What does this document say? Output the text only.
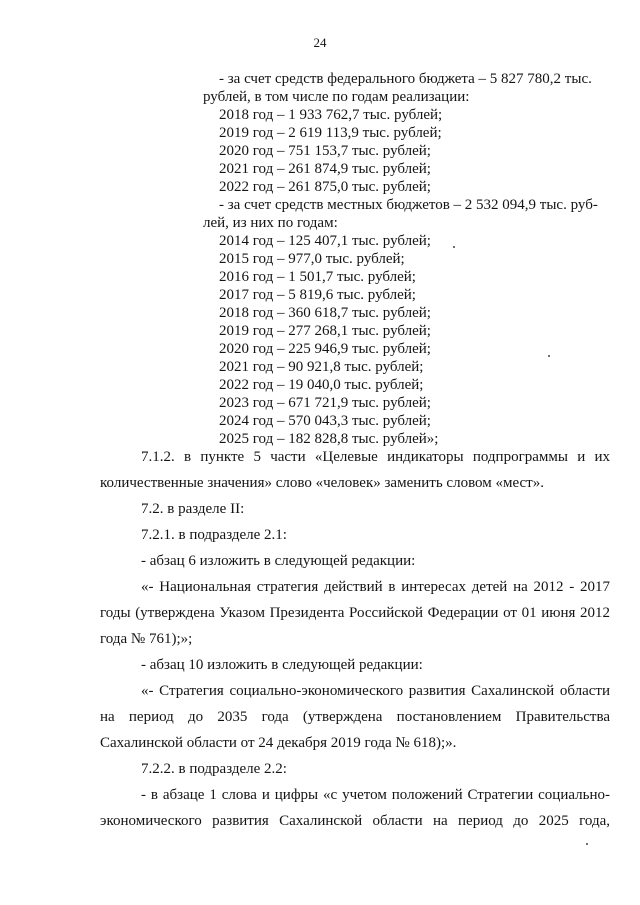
24
- за счет средств федерального бюджета – 5 827 780,2 тыс.
рублей, в том числе по годам реализации:
2018 год – 1 933 762,7 тыс. рублей;
2019 год – 2 619 113,9 тыс. рублей;
2020 год – 751 153,7 тыс. рублей;
2021 год – 261 874,9 тыс. рублей;
2022 год – 261 875,0 тыс. рублей;
- за счет средств местных бюджетов – 2 532 094,9 тыс. руб-
лей, из них по годам:
2014 год – 125 407,1 тыс. рублей;
2015 год – 977,0 тыс. рублей;
2016 год – 1 501,7 тыс. рублей;
2017 год – 5 819,6 тыс. рублей;
2018 год – 360 618,7 тыс. рублей;
2019 год – 277 268,1 тыс. рублей;
2020 год – 225 946,9 тыс. рублей;
2021 год – 90 921,8 тыс. рублей;
2022 год – 19 040,0 тыс. рублей;
2023 год – 671 721,9 тыс. рублей;
2024 год – 570 043,3 тыс. рублей;
2025 год – 182 828,8 тыс. рублей»;
7.1.2. в пункте 5 части «Целевые индикаторы подпрограммы и их
количественные значения» слово «человек» заменить словом «мест».
7.2. в разделе II:
7.2.1. в подразделе 2.1:
- абзац 6 изложить в следующей редакции:
«- Национальная стратегия действий в интересах детей на 2012 - 2017
годы (утверждена Указом Президента Российской Федерации от 01 июня 2012
года № 761);»;
- абзац 10 изложить в следующей редакции:
«- Стратегия социально-экономического развития Сахалинской области
на период до 2035 года (утверждена постановлением Правительства
Сахалинской области от 24 декабря 2019 года № 618);».
7.2.2. в подразделе 2.2:
- в абзаце 1 слова и цифры «с учетом положений Стратегии социально-
экономического развития Сахалинской области на период до 2025 года,
